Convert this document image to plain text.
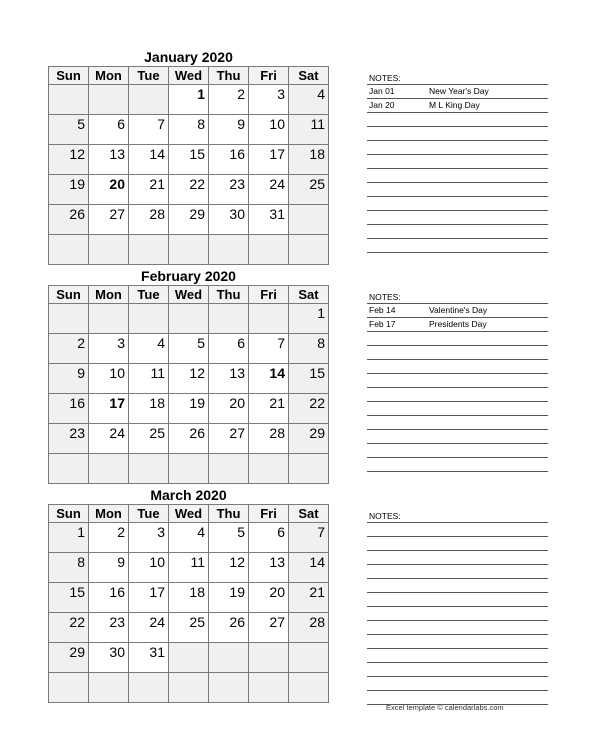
January 2020
Sun	Mon	Tue	Wed	Thu	Fri	Sat
			1	2	3	4
5	6	7	8	9	10	11
12	13	14	15	16	17	18
19	20	21	22	23	24	25
26	27	28	29	30	31	

NOTES:
Jan 01	New Year's Day
Jan 20	M L King Day
February 2020
Sun	Mon	Tue	Wed	Thu	Fri	Sat
						1
2	3	4	5	6	7	8
9	10	11	12	13	14	15
16	17	18	19	20	21	22
23	24	25	26	27	28	29

NOTES:
Feb 14	Valentine's Day
Feb 17	Presidents Day
March 2020
Sun	Mon	Tue	Wed	Thu	Fri	Sat
1	2	3	4	5	6	7
8	9	10	11	12	13	14
15	16	17	18	19	20	21
22	23	24	25	26	27	28
29	30	31				

NOTES:
Excel template © calendarlabs.com
